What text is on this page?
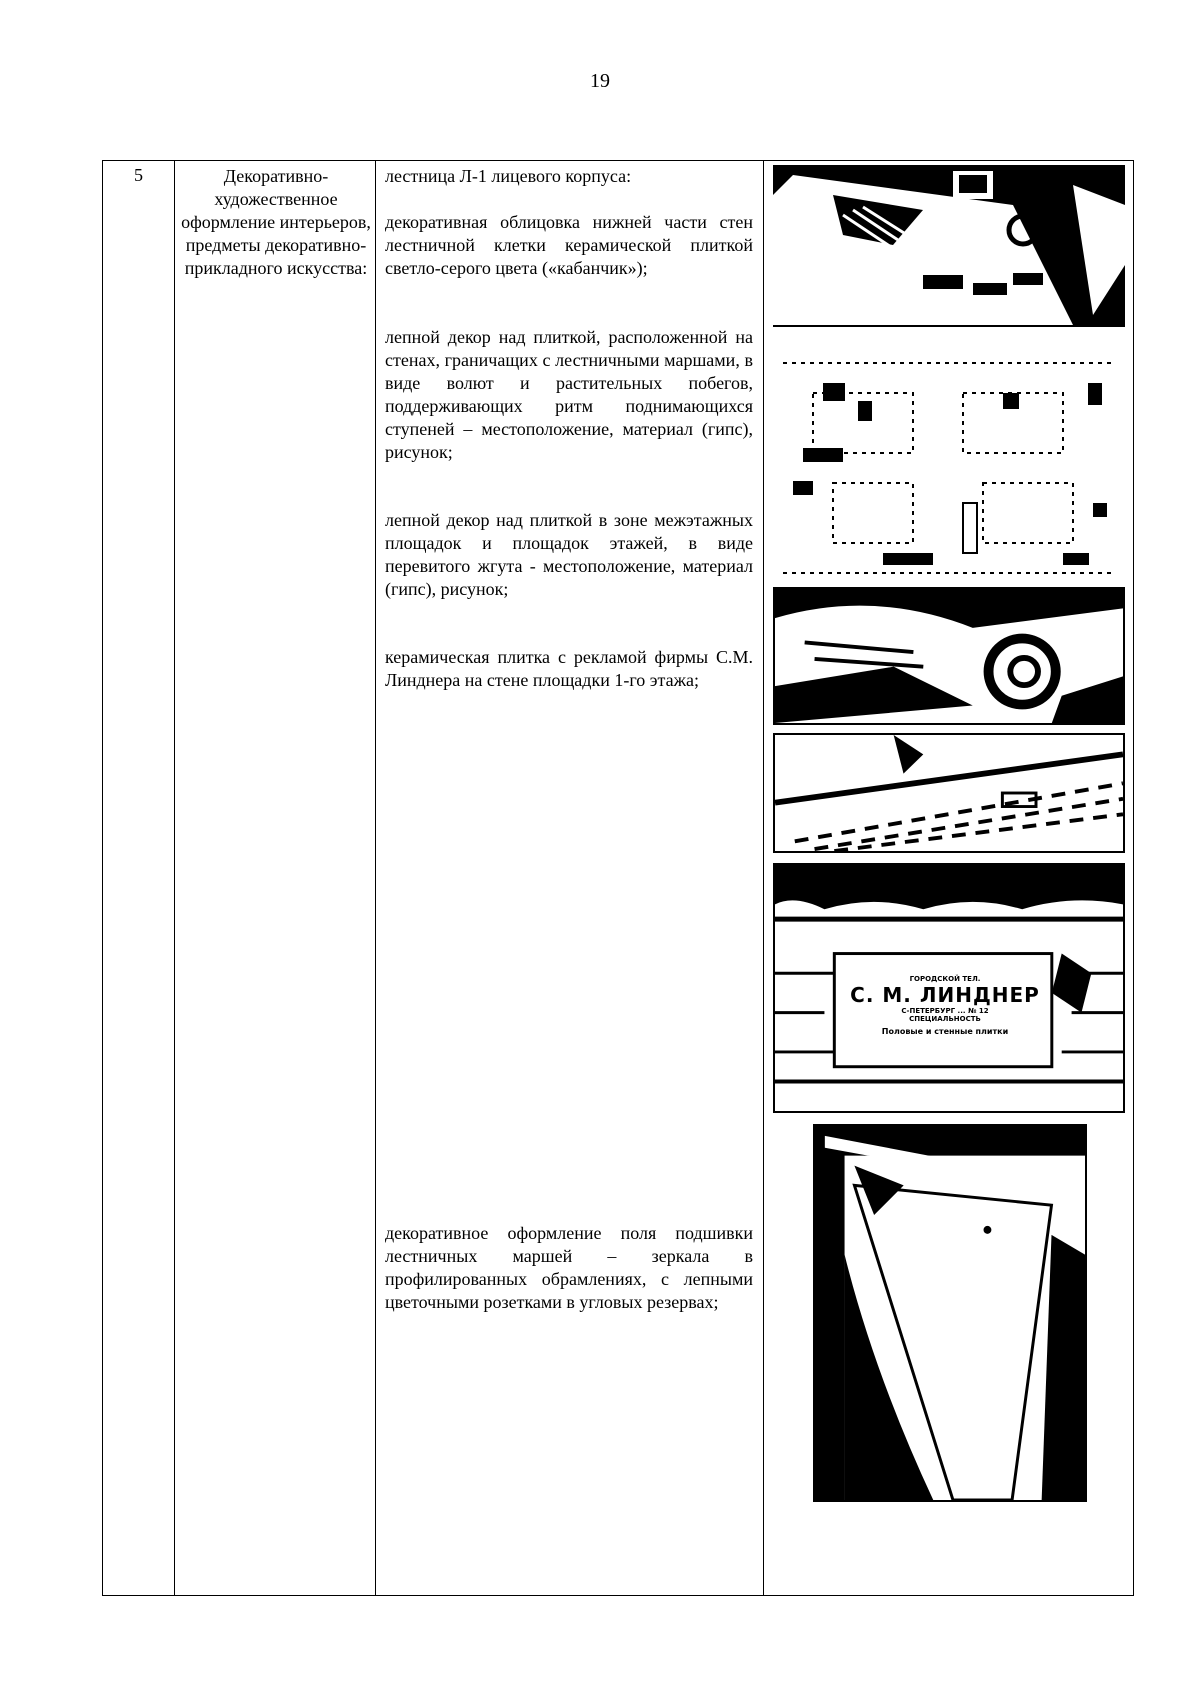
19
5	Декоративно-художественное оформление интерьеров, предметы декоративно-прикладного искусства:
лестница Л-1 лицевого корпуса:
декоративная облицовка нижней части стен лестничной клетки керамической плиткой светло-серого цвета («кабанчик»);
лепной декор над плиткой, расположенной на стенах, граничащих с лестничными маршами, в виде волют и растительных побегов, поддерживающих ритм поднимающихся ступеней – местоположение, материал (гипс), рисунок;
лепной декор над плиткой в зоне межэтажных площадок и площадок этажей, в виде перевитого жгута - местоположение, материал (гипс), рисунок;
керамическая плитка с рекламой фирмы С.М. Линднера на стене площадки 1-го этажа;
декоративное оформление поля подшивки лестничных маршей – зеркала в профилированных обрамлениях, с лепными цветочными розетками в угловых резервах;
ГОРОДСКОЙ ТЕЛ.
С. М. ЛИНДНЕР
С-ПЕТЕРБУРГ ... № 12
СПЕЦИАЛЬНОСТЬ
Половые и стенные плитки
